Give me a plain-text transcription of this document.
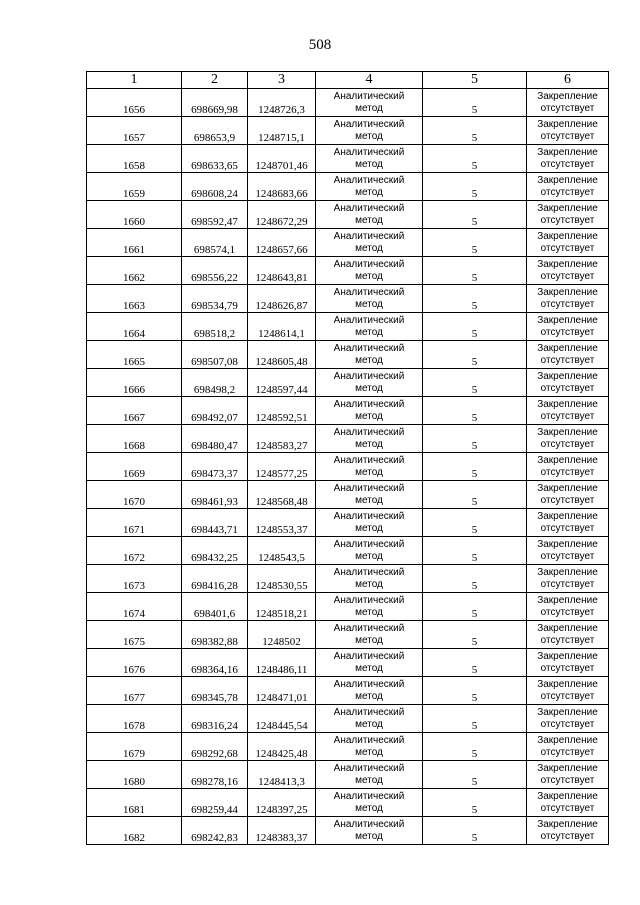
508
1	2	3	4	5	6
1656	698669,98	1248726,3	Аналитический
метод	5	Закрепление
отсутствует

1657	698653,9	1248715,1	Аналитический
метод	5	Закрепление
отсутствует

1658	698633,65	1248701,46	Аналитический
метод	5	Закрепление
отсутствует

1659	698608,24	1248683,66	Аналитический
метод	5	Закрепление
отсутствует

1660	698592,47	1248672,29	Аналитический
метод	5	Закрепление
отсутствует

1661	698574,1	1248657,66	Аналитический
метод	5	Закрепление
отсутствует

1662	698556,22	1248643,81	Аналитический
метод	5	Закрепление
отсутствует

1663	698534,79	1248626,87	Аналитический
метод	5	Закрепление
отсутствует

1664	698518,2	1248614,1	Аналитический
метод	5	Закрепление
отсутствует

1665	698507,08	1248605,48	Аналитический
метод	5	Закрепление
отсутствует

1666	698498,2	1248597,44	Аналитический
метод	5	Закрепление
отсутствует

1667	698492,07	1248592,51	Аналитический
метод	5	Закрепление
отсутствует

1668	698480,47	1248583,27	Аналитический
метод	5	Закрепление
отсутствует

1669	698473,37	1248577,25	Аналитический
метод	5	Закрепление
отсутствует

1670	698461,93	1248568,48	Аналитический
метод	5	Закрепление
отсутствует

1671	698443,71	1248553,37	Аналитический
метод	5	Закрепление
отсутствует

1672	698432,25	1248543,5	Аналитический
метод	5	Закрепление
отсутствует

1673	698416,28	1248530,55	Аналитический
метод	5	Закрепление
отсутствует

1674	698401,6	1248518,21	Аналитический
метод	5	Закрепление
отсутствует

1675	698382,88	1248502	Аналитический
метод	5	Закрепление
отсутствует

1676	698364,16	1248486,11	Аналитический
метод	5	Закрепление
отсутствует

1677	698345,78	1248471,01	Аналитический
метод	5	Закрепление
отсутствует

1678	698316,24	1248445,54	Аналитический
метод	5	Закрепление
отсутствует

1679	698292,68	1248425,48	Аналитический
метод	5	Закрепление
отсутствует

1680	698278,16	1248413,3	Аналитический
метод	5	Закрепление
отсутствует

1681	698259,44	1248397,25	Аналитический
метод	5	Закрепление
отсутствует

1682	698242,83	1248383,37	Аналитический
метод	5	Закрепление
отсутствует
